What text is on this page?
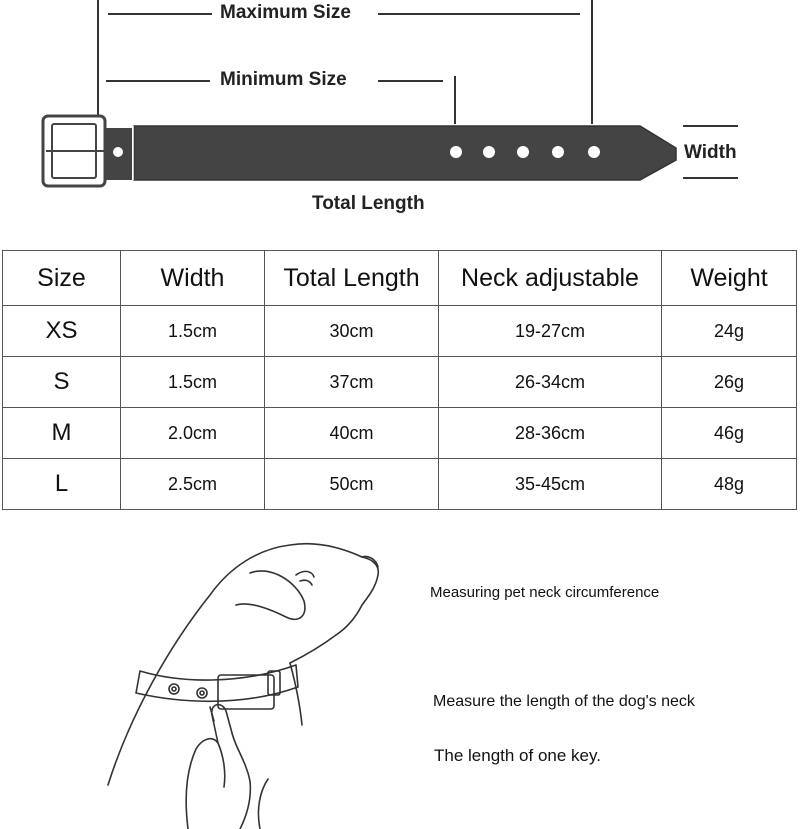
Maximum Size
Minimum Size
Width
Total Length
Size	Width	Total Length	Neck adjustable	Weight
XS	1.5cm	30cm	19-27cm	24g
S	1.5cm	37cm	26-34cm	26g
M	2.0cm	40cm	28-36cm	46g
L	2.5cm	50cm	35-45cm	48g
Measuring pet neck circumference
Measure the length of the dog's neck
The length of one key.
